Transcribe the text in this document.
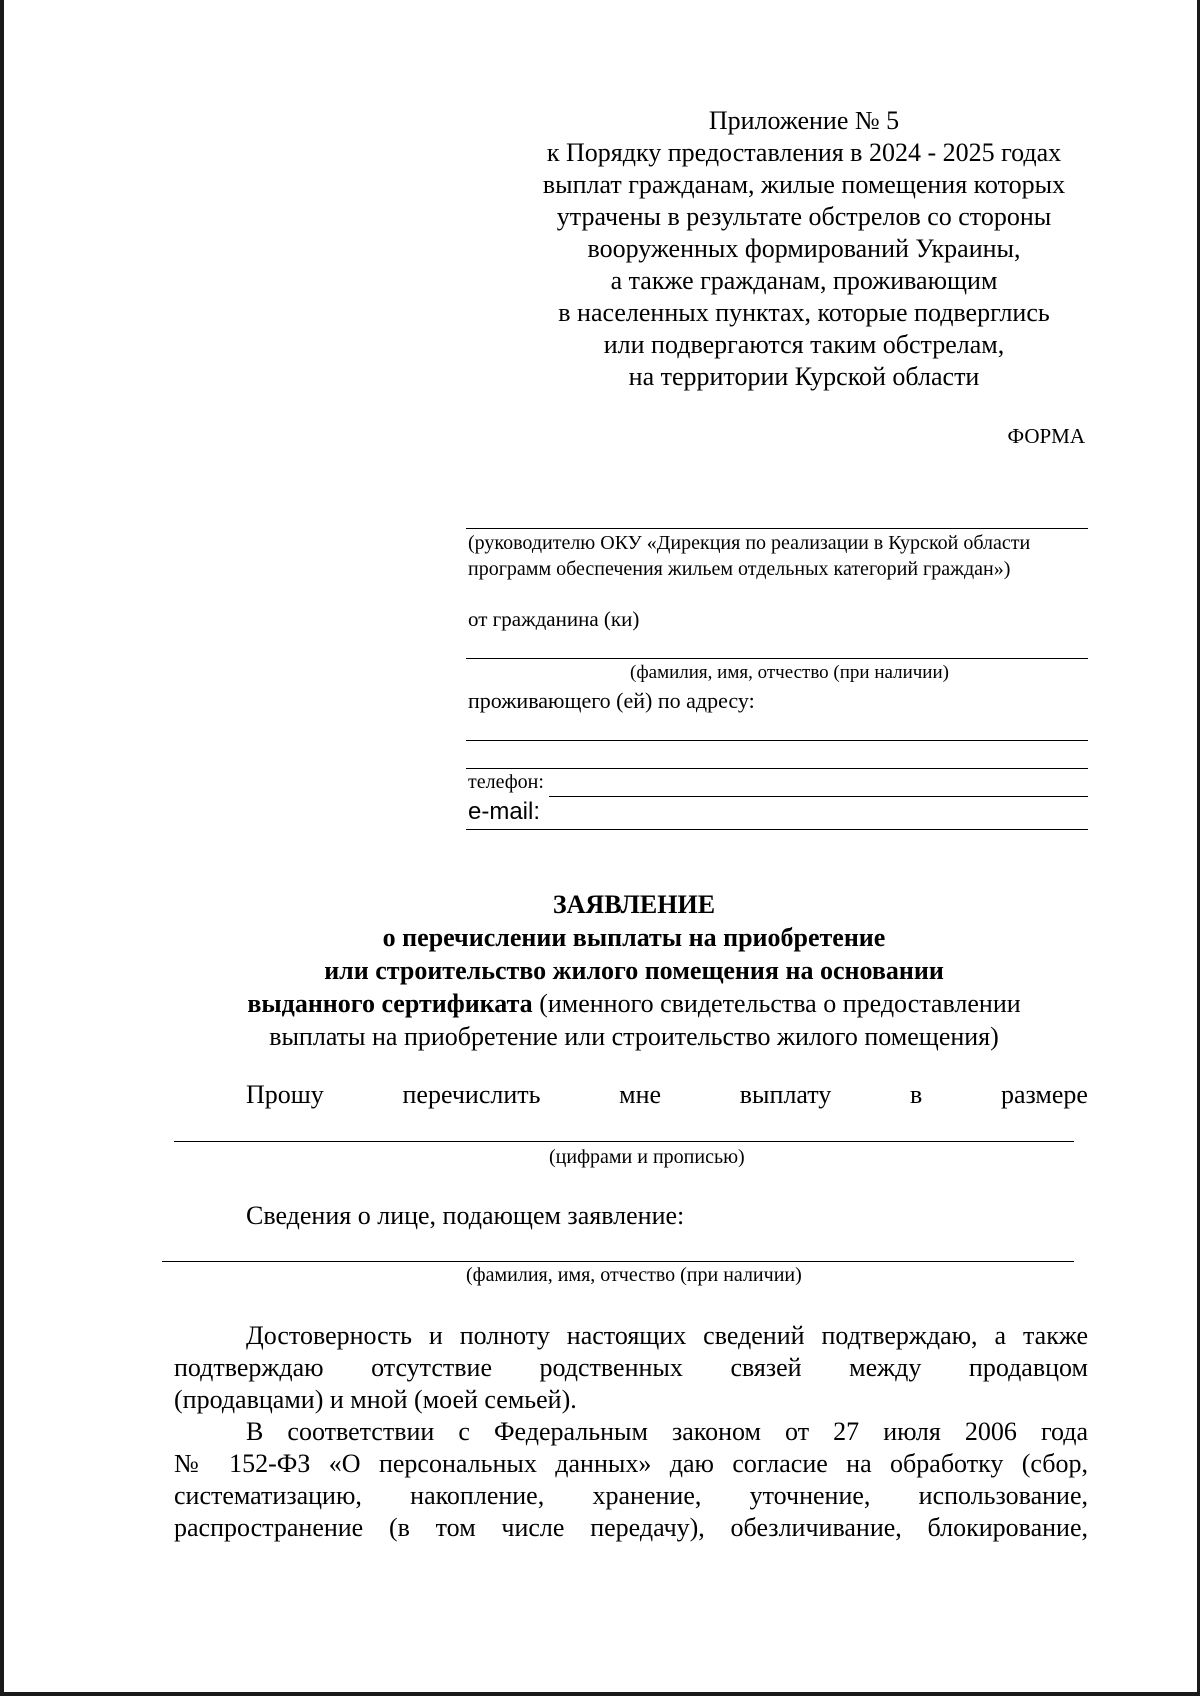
Приложение № 5
к Порядку предоставления в 2024 - 2025 годах
выплат гражданам, жилые помещения которых
утрачены в результате обстрелов со стороны
вооруженных формирований Украины,
а также гражданам, проживающим
в населенных пунктах, которые подверглись
или подвергаются таким обстрелам,
на территории Курской области
ФОРМА
(руководителю ОКУ «Дирекция по реализации в Курской области
программ обеспечения жильем отдельных категорий граждан»)
от гражданина (ки)
(фамилия, имя, отчество (при наличии)
проживающего (ей) по адресу:
телефон:
e-mail:
ЗАЯВЛЕНИЕ
о перечислении выплаты на приобретение
или строительство жилого помещения на основании
выданного сертификата (именного свидетельства о предоставлении
выплаты на приобретение или строительство жилого помещения)
Прошу	перечислить	мне	выплату	в	размере
(цифрами и прописью)
Сведения о лице, подающем заявление:
(фамилия, имя, отчество (при наличии)
Достоверность и полноту настоящих сведений подтверждаю, а также
подтверждаю отсутствие родственных связей между продавцом
(продавцами) и мной (моей семьей).
В соответствии с Федеральным законом от 27 июля 2006 года
№ 152-ФЗ «О персональных данных» даю согласие на обработку (сбор,
систематизацию, накопление, хранение, уточнение, использование,
распространение (в том числе передачу), обезличивание, блокирование,
